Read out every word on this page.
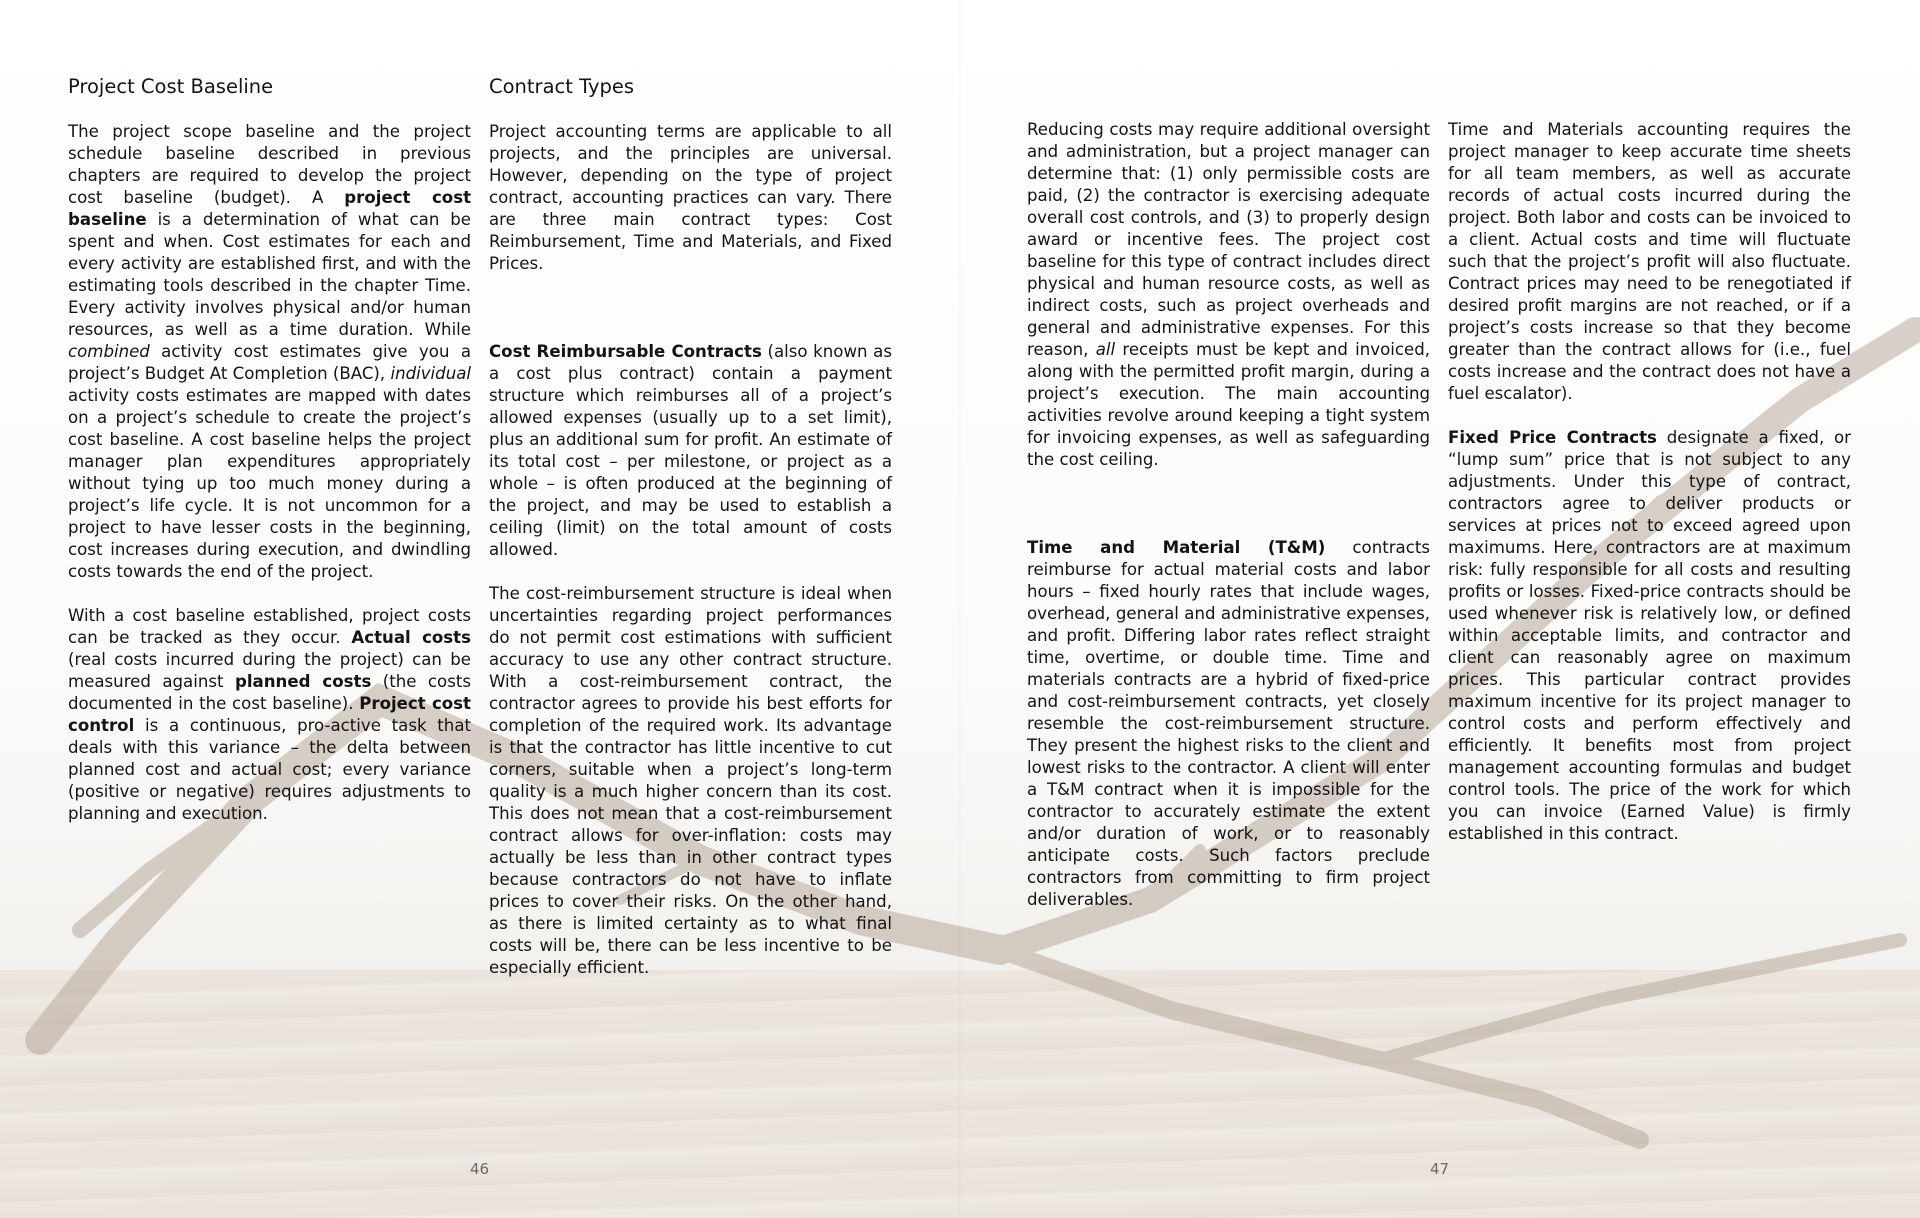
Project Cost Baseline	Contract Types

The project scope baseline and the project schedule baseline described in previous chapters are required to develop the project cost baseline (budget). A project cost baseline is a determination of what can be spent and when. Cost estimates for each and every activity are established first, and with the estimating tools described in the chapter Time. Every activity involves physical and/or human resources, as well as a time duration. While combined activity cost estimates give you a project’s Budget At Completion (BAC), individual activity costs estimates are mapped with dates on a project’s schedule to create the project’s cost baseline. A cost baseline helps the project manager plan expenditures appropriately without tying up too much money during a project’s life cycle. It is not uncommon for a project to have lesser costs in the beginning, cost increases during execution, and dwindling costs towards the end of the project.

With a cost baseline established, project costs can be tracked as they occur. Actual costs (real costs incurred during the project) can be measured against planned costs (the costs documented in the cost baseline). Project cost control is a continuous, pro-active task that deals with this variance – the delta between planned cost and actual cost; every variance (positive or negative) requires adjustments to planning and execution.

Project accounting terms are applicable to all projects, and the principles are universal. However, depending on the type of project contract, accounting practices can vary. There are three main contract types: Cost Reimbursement, Time and Materials, and Fixed Prices.

Cost Reimbursable Contracts (also known as a cost plus contract) contain a payment structure which reimburses all of a project’s allowed expenses (usually up to a set limit), plus an additional sum for profit. An estimate of its total cost – per milestone, or project as a whole – is often produced at the beginning of the project, and may be used to establish a ceiling (limit) on the total amount of costs allowed.

The cost-reimbursement structure is ideal when uncertainties regarding project performances do not permit cost estimations with sufficient accuracy to use any other contract structure. With a cost-reimbursement contract, the contractor agrees to provide his best efforts for completion of the required work. Its advantage is that the contractor has little incentive to cut corners, suitable when a project’s long-term quality is a much higher concern than its cost. This does not mean that a cost-reimbursement contract allows for over-inflation: costs may actually be less than in other contract types because contractors do not have to inflate prices to cover their risks. On the other hand, as there is limited certainty as to what final costs will be, there can be less incentive to be especially efficient.

Reducing costs may require additional oversight and administration, but a project manager can determine that: (1) only permissible costs are paid, (2) the contractor is exercising adequate overall cost controls, and (3) to properly design award or incentive fees. The project cost baseline for this type of contract includes direct physical and human resource costs, as well as indirect costs, such as project overheads and general and administrative expenses. For this reason, all receipts must be kept and invoiced, along with the permitted profit margin, during a project’s execution. The main accounting activities revolve around keeping a tight system for invoicing expenses, as well as safeguarding the cost ceiling.

Time and Material (T&M) contracts reimburse for actual material costs and labor hours – fixed hourly rates that include wages, overhead, general and administrative expenses, and profit. Differing labor rates reflect straight time, overtime, or double time. Time and materials contracts are a hybrid of fixed-price and cost-reimbursement contracts, yet closely resemble the cost-reimbursement structure. They present the highest risks to the client and lowest risks to the contractor. A client will enter a T&M contract when it is impossible for the contractor to accurately estimate the extent and/or duration of work, or to reasonably anticipate costs. Such factors preclude contractors from committing to firm project deliverables.

Time and Materials accounting requires the project manager to keep accurate time sheets for all team members, as well as accurate records of actual costs incurred during the project. Both labor and costs can be invoiced to a client. Actual costs and time will fluctuate such that the project’s profit will also fluctuate. Contract prices may need to be renegotiated if desired profit margins are not reached, or if a project’s costs increase so that they become greater than the contract allows for (i.e., fuel costs increase and the contract does not have a fuel escalator).

Fixed Price Contracts designate a fixed, or “lump sum” price that is not subject to any adjustments. Under this type of contract, contractors agree to deliver products or services at prices not to exceed agreed upon maximums. Here, contractors are at maximum risk: fully responsible for all costs and resulting profits or losses. Fixed-price contracts should be used whenever risk is relatively low, or defined within acceptable limits, and contractor and client can reasonably agree on maximum prices. This particular contract provides maximum incentive for its project manager to control costs and perform effectively and efficiently. It benefits most from project management accounting formulas and budget control tools. The price of the work for which you can invoice (Earned Value) is firmly established in this contract.

46	47
